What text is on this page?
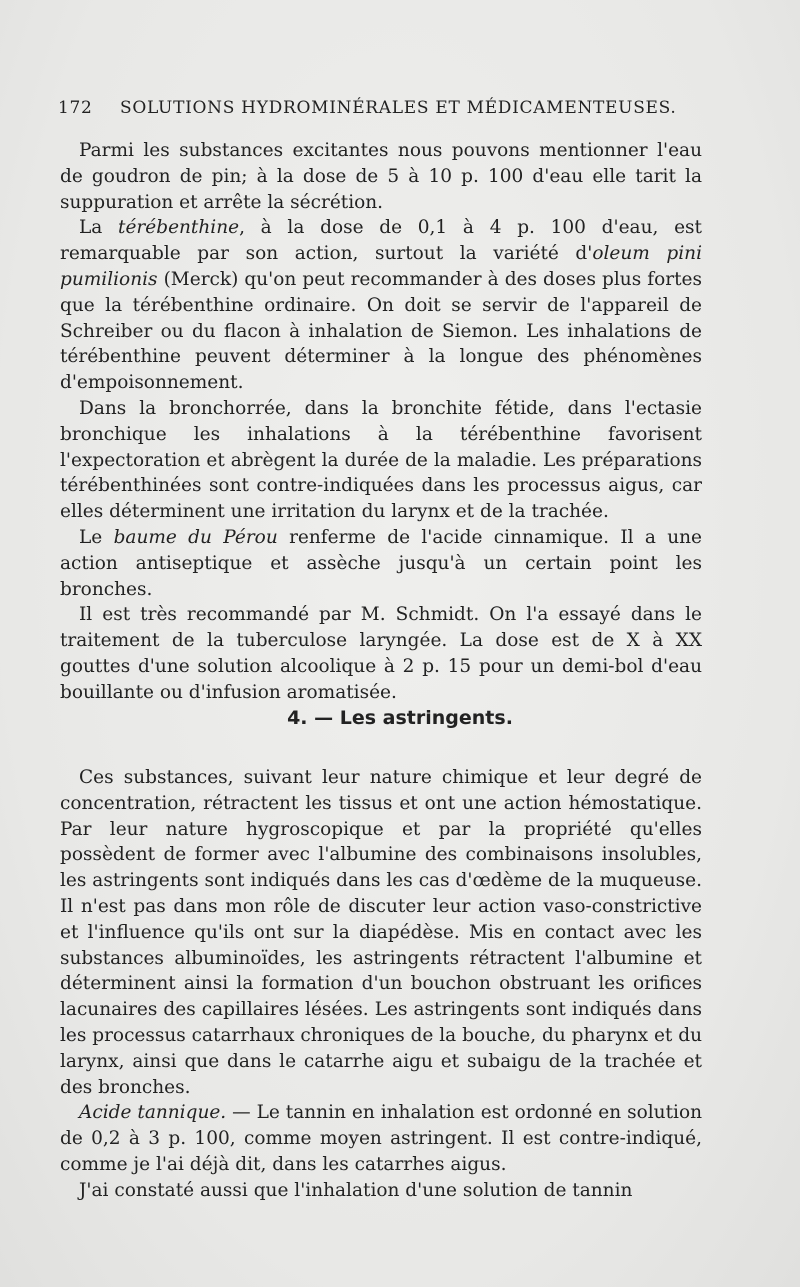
172 SOLUTIONS HYDROMINÉRALES ET MÉDICAMENTEUSES.

Parmi les substances excitantes nous pouvons mentionner l'eau de goudron de pin; à la dose de 5 à 10 p. 100 d'eau elle tarit la suppuration et arrête la sécrétion.

La térébenthine, à la dose de 0,1 à 4 p. 100 d'eau, est remarquable par son action, surtout la variété d'oleum pini pumilionis (Merck) qu'on peut recommander à des doses plus fortes que la térébenthine ordinaire. On doit se servir de l'appareil de Schreiber ou du flacon à inhalation de Siemon. Les inhalations de térébenthine peuvent déterminer à la longue des phénomènes d'empoisonnement.

Dans la bronchorrée, dans la bronchite fétide, dans l'ectasie bronchique les inhalations à la térébenthine favorisent l'expectoration et abrègent la durée de la maladie. Les préparations térébenthinées sont contre-indiquées dans les processus aigus, car elles déterminent une irritation du larynx et de la trachée.

Le baume du Pérou renferme de l'acide cinnamique. Il a une action antiseptique et assèche jusqu'à un certain point les bronches.

Il est très recommandé par M. Schmidt. On l'a essayé dans le traitement de la tuberculose laryngée. La dose est de X à XX gouttes d'une solution alcoolique à 2 p. 15 pour un demi-bol d'eau bouillante ou d'infusion aromatisée.

4. — Les astringents.

Ces substances, suivant leur nature chimique et leur degré de concentration, rétractent les tissus et ont une action hémostatique. Par leur nature hygroscopique et par la propriété qu'elles possèdent de former avec l'albumine des combinaisons insolubles, les astringents sont indiqués dans les cas d'œdème de la muqueuse. Il n'est pas dans mon rôle de discuter leur action vaso-constrictive et l'influence qu'ils ont sur la diapédèse. Mis en contact avec les substances albuminoïdes, les astringents rétractent l'albumine et déterminent ainsi la formation d'un bouchon obstruant les orifices lacunaires des capillaires lésées. Les astringents sont indiqués dans les processus catarrhaux chroniques de la bouche, du pharynx et du larynx, ainsi que dans le catarrhe aigu et subaigu de la trachée et des bronches.

Acide tannique. — Le tannin en inhalation est ordonné en solution de 0,2 à 3 p. 100, comme moyen astringent. Il est contre-indiqué, comme je l'ai déjà dit, dans les catarrhes aigus.

J'ai constaté aussi que l'inhalation d'une solution de tannin
